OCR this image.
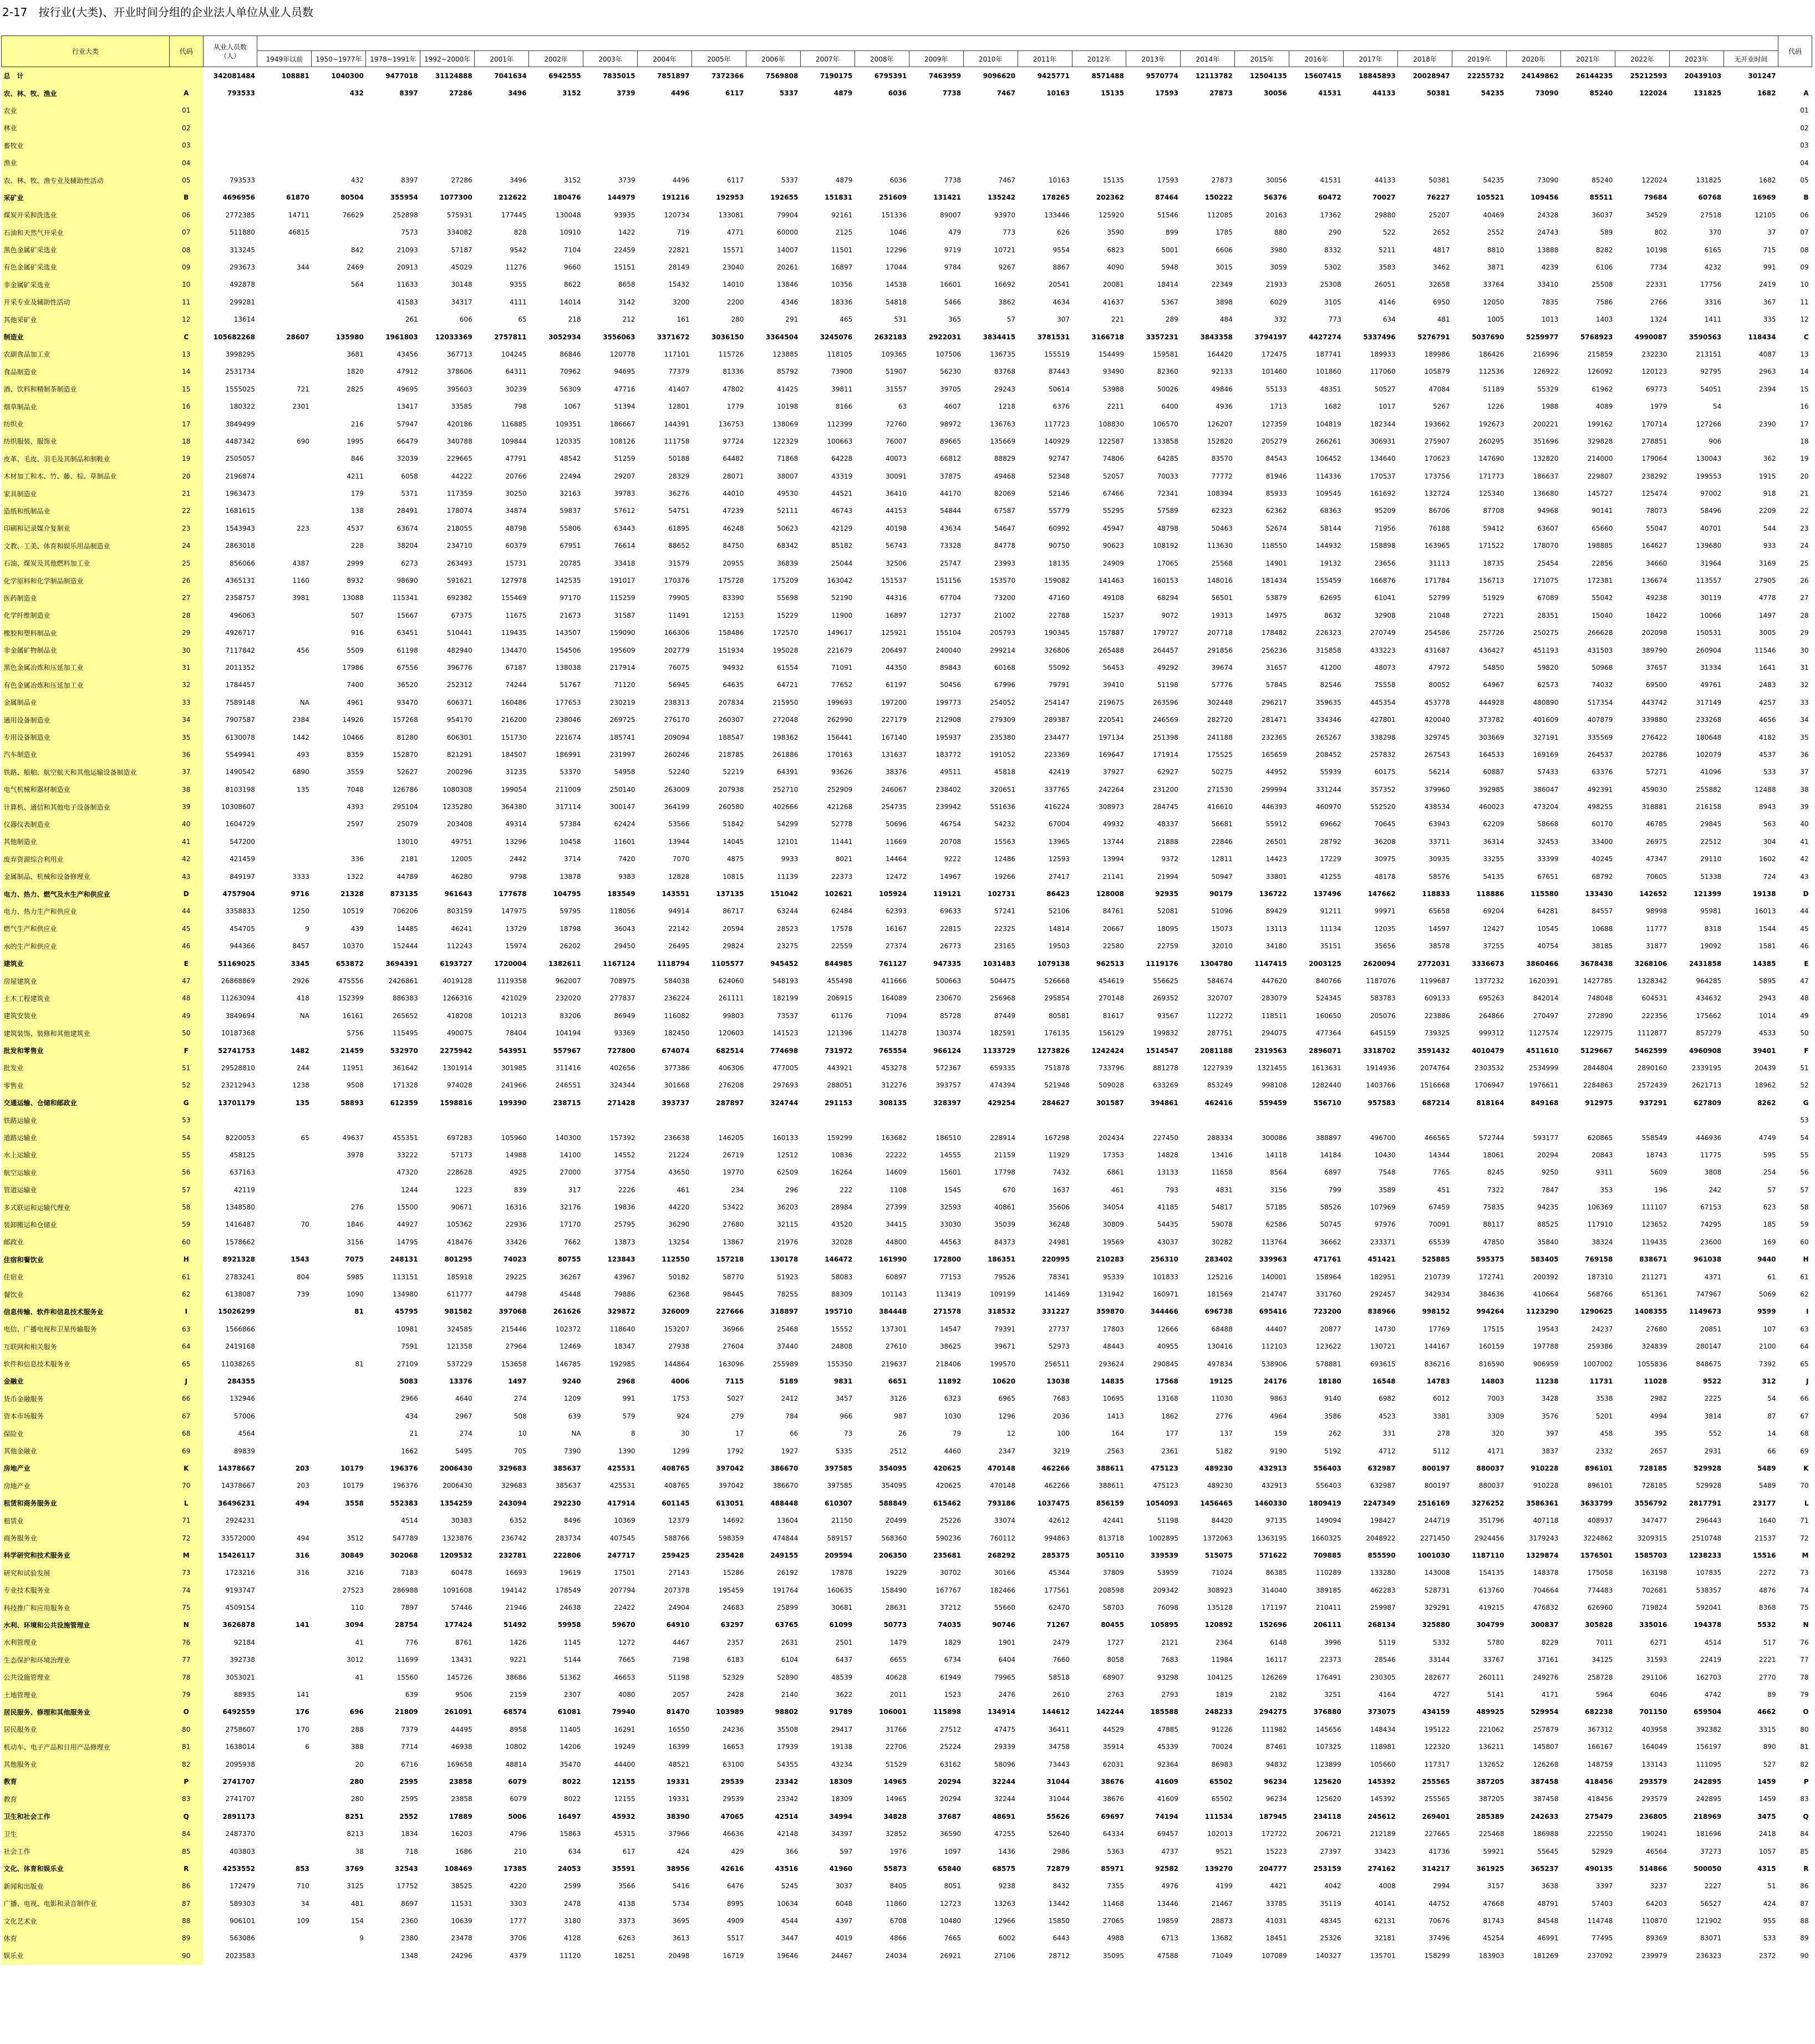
2-17　按行业(大类)、开业时间分组的企业法人单位从业人员数
行业大类	代码	从业人员数（人）																													代码
			1949年以前	1950~1977年	1978~1991年	1992~2000年	2001年	2002年	2003年	2004年	2005年	2006年	2007年	2008年	2009年	2010年	2011年	2012年	2013年	2014年	2015年	2016年	2017年	2018年	2019年	2020年	2021年	2022年	2023年	无开业时间	
总　计		342081484	108881	1040300	9477018	31124888	7041634	6942555	7835015	7851897	7372366	7569808	7190175	6795391	7463959	9096620	9425771	8571488	9570774	12113782	12504135	15607415	18845893	20028947	22255732	24149862	26144235	25212593	20439103	301247	
农、林、牧、渔业	A	793533		432	8397	27286	3496	3152	3739	4496	6117	5337	4879	6036	7738	7467	10163	15135	17593	27873	30056	41531	44133	50381	54235	73090	85240	122024	131825	1682	A
农业	01																														01
林业	02																														02
畜牧业	03																														03
渔业	04																														04
农、林、牧、渔专业及辅助性活动	05	793533		432	8397	27286	3496	3152	3739	4496	6117	5337	4879	6036	7738	7467	10163	15135	17593	27873	30056	41531	44133	50381	54235	73090	85240	122024	131825	1682	05
采矿业	B	4696956	61870	80504	355954	1077300	212622	180476	144979	191216	192953	192655	151831	251609	131421	135242	178265	202362	87464	150222	56376	60472	70027	76227	105521	109456	85511	79684	60768	16969	B
煤炭开采和洗选业	06	2772385	14711	76629	252898	575931	177445	130048	93935	120734	133081	79904	92161	151336	89007	93970	133446	125920	51546	112085	20163	17362	29880	25207	40469	24328	36037	34529	27518	12105	06
石油和天然气开采业	07	511880	46815		7573	334082	828	10910	1422	719	4771	60000	2125	1046	479	773	626	3590	899	1785	880	290	522	2652	2552	24743	589	802	370	37	07
黑色金属矿采选业	08	313245		842	21093	57187	9542	7104	22459	22821	15571	14007	11501	12296	9719	10721	9554	6823	5001	6606	3980	8332	5211	4817	8810	13888	8282	10198	6165	715	08
有色金属矿采选业	09	293673	344	2469	20913	45029	11276	9660	15151	28149	23040	20261	16897	17044	9784	9267	8867	4090	5948	3015	3059	5302	3583	3462	3871	4239	6106	7734	4232	991	09
非金属矿采选业	10	492878		564	11633	30148	9355	8622	8658	15432	14010	13846	10356	14538	16601	16692	20541	20081	18414	22349	21933	25308	26051	32658	33764	33410	25508	22331	17756	2419	10
开采专业及辅助性活动	11	299281			41583	34317	4111	14014	3142	3200	2200	4346	18336	54818	5466	3862	4634	41637	5367	3898	6029	3105	4146	6950	12050	7835	7586	2766	3316	367	11
其他采矿业	12	13614			261	606	65	218	212	161	280	291	465	531	365	57	307	221	289	484	332	773	634	481	1005	1013	1403	1324	1411	335	12
制造业	C	105682268	28607	135980	1961803	12033369	2757811	3052934	3556063	3371672	3036150	3364504	3245076	2632183	2922031	3834415	3781531	3166718	3357231	3843358	3794197	4427274	5337496	5276791	5037690	5259977	5768923	4990087	3590563	118434	C
农副食品加工业	13	3998295		3681	43456	367713	104245	86846	120778	117101	115726	123885	118105	109365	107506	136735	155519	154499	159581	164420	172475	187741	189933	189986	186426	216996	215859	232230	213151	4087	13
食品制造业	14	2531734		1820	47912	378606	64311	70962	94695	77379	81336	85792	73900	51907	56230	83768	87443	93490	82360	92133	101460	101860	117060	105879	112536	126922	126092	120123	92795	2963	14
酒、饮料和精制茶制造业	15	1555025	721	2825	49695	395603	30239	56309	47716	41407	47802	41425	39811	31557	39705	29243	50614	53988	50026	49846	55133	48351	50527	47084	51189	55329	61962	69773	54051	2394	15
烟草制品业	16	180322	2301		13417	33585	798	1067	51394	12801	1779	10198	8166	63	4607	1218	6376	2211	6400	4936	1713	1682	1017	5267	1226	1988	4089	1979	54		16
纺织业	17	3849499		216	57947	420186	116885	109351	186667	144391	136753	138069	112399	72760	98972	136763	117723	108830	106570	126207	127359	104819	182344	193662	192673	200221	199162	170714	127266	2390	17
纺织服装、服饰业	18	4487342	690	1995	66479	340788	109844	120335	108126	111758	97724	122329	100663	76007	89665	135669	140929	122587	133858	152820	205279	266261	306931	275907	260295	351696	329828	278851	906		18
皮革、毛皮、羽毛及其制品和制鞋业	19	2505057		846	32039	229665	47791	48542	51259	50188	64482	71868	64228	40073	66812	88829	92747	74806	64285	83570	84543	106452	134640	170623	147690	132820	214000	179064	130043	362	19
木材加工和木、竹、藤、棕、草制品业	20	2196874		4211	6058	44222	20766	22494	29207	28329	28071	38007	43319	30091	37875	49468	52348	52057	70033	77772	81946	114336	170537	173756	171773	186637	229807	238292	199553	1915	20
家具制造业	21	1963473		179	5371	117359	30250	32163	39783	36276	44010	49530	44521	36410	44170	82069	52146	67466	72341	108394	85933	109545	161692	132724	125340	136680	145727	125474	97002	918	21
造纸和纸制品业	22	1681615		138	28491	178074	34874	59837	57612	54751	47239	52111	46743	44153	54844	67587	55779	55295	57589	62323	62362	68363	95209	86706	87708	94968	90141	78073	58496	2209	22
印刷和记录媒介复制业	23	1543943	223	4537	63674	218055	48798	55806	63443	61895	46248	50623	42129	40198	43634	54647	60992	45947	48798	50463	52674	58144	71956	76188	59412	63607	65660	55047	40701	544	23
文教、工美、体育和娱乐用品制造业	24	2863018		228	38204	234710	60379	67951	76614	88652	84750	68342	85182	56743	73328	84778	90750	90623	108192	113630	118550	144932	158898	163965	171522	178070	198885	164627	139680	933	24
石油、煤炭及其他燃料加工业	25	856066	4387	2999	6273	263493	15731	20785	33418	31579	20955	36839	25044	32506	25747	23993	18135	24909	17065	25568	14901	19132	23656	31113	18735	25454	22856	34660	31964	3169	25
化学原料和化学制品制造业	26	4365131	1160	8932	98690	591621	127978	142535	191017	170376	175728	175209	163042	151537	151156	153570	159082	141463	160153	148016	181434	155459	166876	171784	156713	171075	172381	136674	113557	27905	26
医药制造业	27	2358757	3981	13088	115341	692382	155469	97170	115259	79905	83390	55698	52190	44316	67704	73200	47160	49108	68294	56501	53879	62695	61041	52799	51929	67089	55042	49238	30119	4778	27
化学纤维制造业	28	496063		507	15667	67375	11675	21673	31587	11491	12153	15229	11900	16897	12737	21002	22788	15237	9072	19313	14975	8632	32908	21048	27221	28351	15040	18422	10066	1497	28
橡胶和塑料制品业	29	4926717		916	63451	510441	119435	143507	159090	166306	158486	172570	149617	125921	155104	205793	190345	157887	179727	207718	178482	226323	270749	254586	257726	250275	266628	202098	150531	3005	29
非金属矿物制品业	30	7117842	456	5509	61198	482940	134470	154506	195609	202779	151934	195028	221679	206497	240040	299214	326806	265488	264457	291856	256236	315858	433223	431687	436427	451193	431503	389790	260904	11546	30
黑色金属冶炼和压延加工业	31	2011352		17986	67556	396776	67187	138038	217914	76075	94932	61554	71091	44350	89843	60168	55092	56453	49292	39674	31657	41200	48073	47972	54850	59820	50968	37657	31334	1641	31
有色金属冶炼和压延加工业	32	1784457		7400	36520	252312	74244	51767	71120	56945	64635	64721	77652	61197	50456	67996	79791	39410	51198	57776	57845	82546	75558	80052	64967	62573	74032	69500	49761	2483	32
金属制品业	33	7589148	NA	4961	93470	606371	160486	177653	230219	238313	207834	215950	199693	197200	199773	254052	254147	219675	263596	302448	296217	359635	445354	453778	444928	480890	517354	443742	317149	4257	33
通用设备制造业	34	7907587	2384	14926	157268	954170	216200	238046	269725	276170	260307	272048	262990	227179	212908	279309	289387	220541	246569	282720	281471	334346	427801	420040	373782	401609	407879	339880	233268	4656	34
专用设备制造业	35	6130078	1442	10466	81280	606301	151730	221674	185741	209094	188547	198362	156441	167140	195937	235380	234477	197134	251398	241188	232365	265267	338298	329745	303669	327191	335569	276422	180648	4182	35
汽车制造业	36	5549941	493	8359	152870	821291	184507	186991	231997	260246	218785	261886	170163	131637	183772	191052	223369	169647	171914	175525	165659	208452	257832	267543	164533	169169	264537	202786	102079	4537	36
铁路、船舶、航空航天和其他运输设备制造业	37	1490542	6890	3559	52627	200296	31235	53370	54958	52240	52219	64391	93626	38376	49511	45818	42419	37927	62927	50275	44952	55939	60175	56214	60887	57433	63376	57271	41096	533	37
电气机械和器材制造业	38	8103198	135	7048	126786	1080308	199054	211009	250140	263009	207938	252710	252909	246067	238402	320651	337765	242264	231200	271530	299994	331244	357352	379960	392985	386047	492391	459030	255882	12488	38
计算机、通信和其他电子设备制造业	39	10308607		4393	295104	1235280	364380	317114	300147	364199	260580	402666	421268	254735	239942	551636	416224	308973	284745	416610	446393	460970	552520	438534	460023	473204	498255	318881	216158	8943	39
仪器仪表制造业	40	1604729		2597	25079	203408	49314	57384	62424	53566	51842	54299	52778	50696	46754	54232	67004	49932	48337	56681	55912	69662	70645	63943	62209	58668	60170	46785	29845	563	40
其他制造业	41	547200			13010	49751	13296	10458	11601	13944	14045	12101	11441	11669	20708	15563	13965	13744	21888	22846	26501	28792	36208	33711	36314	32453	33400	26975	22512	304	41
废弃资源综合利用业	42	421459		336	2181	12005	2442	3714	7420	7070	4875	9933	8021	14464	9222	12486	12593	13994	9372	12811	14423	17229	30975	30935	33255	33399	40245	47347	29110	1602	42
金属制品、机械和设备修理业	43	849197	3333	1322	44789	46280	9798	13878	9383	12828	10815	11139	22373	12472	14967	19266	27417	21141	21994	50947	33801	41255	48178	58576	54135	67651	68792	70605	51338	724	43
电力、热力、燃气及水生产和供应业	D	4757904	9716	21328	873135	961643	177678	104795	183549	143551	137135	151042	102621	105924	119121	102731	86423	128008	92935	90179	136722	137496	147662	118833	118886	115580	133430	142652	121399	19138	D
电力、热力生产和供应业	44	3358833	1250	10519	706206	803159	147975	59795	118056	94914	86717	63244	62484	62393	69633	57241	52106	84761	52081	51096	89429	91211	99971	65658	69204	64281	84557	98998	95981	16013	44
燃气生产和供应业	45	454705	9	439	14485	46241	13729	18798	36043	22142	20594	28523	17578	16167	22815	22325	14814	20667	18095	15073	13113	11134	12035	14597	12427	10545	10688	11777	8318	1544	45
水的生产和供应业	46	944366	8457	10370	152444	112243	15974	26202	29450	26495	29824	23275	22559	27374	26773	23165	19503	22580	22759	32010	34180	35151	35656	38578	37255	40754	38185	31877	19092	1581	46
建筑业	E	51169025	3345	653872	3694391	6193727	1720004	1382611	1167124	1118794	1105577	945452	844985	761127	947335	1031483	1079138	962513	1119176	1304780	1147415	2003125	2620094	2772031	3336673	3860466	3678438	3268106	2431858	14385	E
房屋建筑业	47	26868869	2926	475556	2426861	4019128	1119358	962007	708975	584038	624060	548193	455498	411666	500663	504475	526668	454619	556625	584674	447620	840766	1187076	1199687	1377232	1620391	1427785	1328342	964285	5895	47
土木工程建筑业	48	11263094	418	152399	886383	1266316	421029	232020	277837	236224	261111	182199	206915	164089	230670	256968	295854	270148	269352	320707	283079	524345	583783	609133	695263	842014	748048	604531	434632	2943	48
建筑安装业	49	3849694	NA	16161	265652	418208	101213	83206	86949	116082	99803	73537	61176	71094	85728	87449	80581	81617	93567	112272	118511	160650	205076	223886	264866	270497	272890	222356	175662	1014	49
建筑装饰、装修和其他建筑业	50	10187368		5756	115495	490075	78404	104194	93369	182450	120603	141523	121396	114278	130374	182591	176135	156129	199832	287751	294075	477364	645159	739325	999312	1127574	1229775	1112877	857279	4533	50
批发和零售业	F	52741753	1482	21459	532970	2275942	543951	557967	727800	674074	682514	774698	731972	765554	966124	1133729	1273826	1242424	1514547	2081188	2319563	2896071	3318702	3591432	4010479	4511610	5129667	5462599	4960908	39401	F
批发业	51	29528810	244	11951	361642	1301914	301985	311416	402656	377386	406306	477005	443921	453278	572367	659335	751878	733796	881278	1227939	1321455	1613631	1914936	2074764	2303532	2534999	2844804	2890160	2339195	20439	51
零售业	52	23212943	1238	9508	171328	974028	241966	246551	324344	301668	276208	297693	288051	312276	393757	474394	521948	509028	633269	853249	998108	1282440	1403766	1516668	1706947	1976611	2284863	2572439	2621713	18962	52
交通运输、仓储和邮政业	G	13701179	135	58893	612359	1598816	199390	238715	271428	393737	287897	324744	291153	308135	328397	429254	284627	301587	394861	462416	559459	556710	957583	687214	818164	849168	912975	937291	627809	8262	G
铁路运输业	53																														53
道路运输业	54	8220053	65	49637	455351	697283	105960	140300	157392	236638	146205	160133	159299	163682	186510	228914	167298	202434	227450	288334	300086	388897	496700	466565	572744	593177	620865	558549	446936	4749	54
水上运输业	55	458125		3978	33222	57173	14988	14100	14552	21224	26719	12512	10836	22222	14555	21159	11929	17353	14828	13416	14118	14184	10430	14344	18061	20294	20843	18743	11775	595	55
航空运输业	56	637163			47320	228628	4925	27000	37754	43650	19770	62509	16264	14609	15601	17798	7432	6861	13133	11658	8564	6897	7548	7765	8245	9250	9311	5609	3808	254	56
管道运输业	57	42119			1244	1223	839	317	2226	461	234	296	222	1108	1545	670	1637	461	793	4831	3156	799	3589	451	7322	7847	353	196	242	57	57
多式联运和运输代理业	58	1348580		276	15500	90671	16316	32176	19836	44220	53422	36203	28984	27399	32593	40861	35606	34054	41185	54817	57185	58526	107969	67459	75835	94235	106369	111107	67153	623	58
装卸搬运和仓储业	59	1416487	70	1846	44927	105362	22936	17170	25795	36290	27680	32115	43520	34415	33030	35039	36248	30809	54435	59078	62586	50745	97976	70091	88117	88525	117910	123652	74295	185	59
邮政业	60	1578662		3156	14795	418476	33426	7662	13873	13254	13867	21976	32028	44800	44563	84373	24981	19569	43037	30282	113764	36662	233371	65539	47850	35840	38324	119435	23600	169	60
住宿和餐饮业	H	8921328	1543	7075	248131	801295	74023	80755	123843	112550	157218	130178	146472	161990	172800	186351	220995	210283	256310	283402	339963	471761	451421	525885	595375	583405	769158	838671	961038	9440	H
住宿业	61	2783241	804	5985	113151	185918	29225	36267	43967	50182	58770	51923	58083	60897	77153	79526	78341	95339	101833	125216	140001	158964	182951	210739	172741	200392	187310	211271	4371	61	61
餐饮业	62	6138087	739	1090	134980	611777	44798	45448	79886	62368	98445	78255	88309	101143	113419	109199	141469	131942	160971	181569	214747	331760	292457	342934	384636	410664	568766	651361	747967	5069	62
信息传输、软件和信息技术服务业	I	15026299		81	45795	981582	397068	261626	329872	326009	227666	318897	195710	384448	271578	318532	331227	359870	344466	696738	695416	723200	838966	998152	994264	1123290	1290625	1408355	1149673	9599	I
电信、广播电视和卫星传输服务	63	1566866			10981	324585	215446	102372	118640	153207	36966	25468	15552	137301	14547	79391	27737	17803	12666	68488	44407	20877	14730	17769	17515	19543	24237	27680	20851	107	63
互联网和相关服务	64	2419168			7591	121358	27964	12469	18347	27938	27604	37440	24808	27610	38625	39671	52973	48443	40955	130416	112103	123622	130721	144167	160159	197788	259386	324839	280147	2100	64
软件和信息技术服务业	65	11038265		81	27109	537229	153658	146785	192985	144864	163096	255989	155350	219637	218406	199570	256511	293624	290845	497834	538906	578881	693615	836216	816590	906959	1007002	1055836	848675	7392	65
金融业	J	284355			5083	13376	1497	9240	2968	4006	7115	5189	9831	6651	11892	10620	13038	14835	17568	19125	24176	18180	16548	14783	14803	11238	11731	11028	9522	312	J
货币金融服务	66	132946			2966	4640	274	1209	991	1753	5027	2412	3457	3126	6323	6965	7683	10695	13168	11030	9863	9140	6982	6012	7003	3428	3538	2982	2225	54	66
资本市场服务	67	57006			434	2967	508	639	579	924	279	784	966	987	1030	1296	2036	1413	1862	2776	4964	3586	4523	3381	3309	3576	5201	4994	3814	87	67
保险业	68	4564			21	274	10	NA	8	30	17	66	73	26	79	12	100	164	177	137	159	262	331	278	320	397	458	395	552	14	68
其他金融业	69	89839			1662	5495	705	7390	1390	1299	1792	1927	5335	2512	4460	2347	3219	2563	2361	5182	9190	5192	4712	5112	4171	3837	2332	2657	2931	66	69
房地产业	K	14378667	203	10179	196376	2006430	329683	385637	425531	408765	397042	386670	397585	354095	420625	470148	462266	388611	475123	489230	432913	556403	632987	800197	880037	910228	896101	728185	529928	5489	K
房地产业	70	14378667	203	10179	196376	2006430	329683	385637	425531	408765	397042	386670	397585	354095	420625	470148	462266	388611	475123	489230	432913	556403	632987	800197	880037	910228	896101	728185	529928	5489	70
租赁和商务服务业	L	36496231	494	3558	552383	1354259	243094	292230	417914	601145	613051	488448	610307	588849	615462	793186	1037475	856159	1054093	1456465	1460330	1809419	2247349	2516169	3276252	3586361	3633799	3556792	2817791	23177	L
租赁业	71	2924231			4514	30383	6352	8496	10369	12379	14692	13604	21150	20499	25226	33074	42612	42441	51198	84420	97135	149094	198427	244719	351796	407118	408937	347477	296443	1640	71
商务服务业	72	33572000	494	3512	547789	1323876	236742	283734	407545	588766	598359	474844	589157	568360	590236	760112	994863	813718	1002895	1372063	1363195	1660325	2048922	2271450	2924456	3179243	3224862	3209315	2510748	21537	72
科学研究和技术服务业	M	15426117	316	30849	302068	1209532	232781	222806	247717	259425	235428	249155	209594	206350	235681	268292	285375	305110	339539	515075	571622	709885	855590	1001030	1187110	1329874	1576501	1585703	1238233	15516	M
研究和试验发展	73	1723216	316	3216	7183	60478	16693	19619	17501	27143	15286	26192	17878	19229	30702	30166	45344	37809	53959	71024	86385	110289	133280	143008	154135	148378	175058	163198	107835	2272	73
专业技术服务业	74	9193747		27523	286988	1091608	194142	178549	207794	207378	195459	191764	160635	158490	167767	182466	177561	208598	209342	308923	314040	389185	462283	528731	613760	704664	774483	702681	538357	4876	74
科技推广和应用服务业	75	4509154		110	7897	57446	21946	24638	22422	24904	24683	25899	30681	28631	37212	55660	62470	58703	76098	135128	171197	210411	259987	329291	419215	476832	626960	719824	592041	8368	75
水利、环境和公共设施管理业	N	3626878	141	3094	28754	177424	51492	59958	59670	64910	63297	63765	61099	50773	74035	90746	71267	80455	105895	120892	152696	206111	268134	325880	304799	300837	305828	335016	194378	5532	N
水利管理业	76	92184		41	776	8761	1426	1145	1272	4467	2357	2631	2501	1479	1829	1901	2479	1727	2121	2364	6148	3996	5119	5332	5780	8229	7011	6271	4514	517	76
生态保护和环境治理业	77	392738		3012	11699	13431	9221	5144	7665	7198	6183	6104	6437	6655	6734	6404	7660	8058	7683	11984	16117	22373	28546	33144	33767	37161	34125	31593	22419	2221	77
公共设施管理业	78	3053021		41	15560	145726	38686	51362	46653	51198	52329	52890	48539	40628	61949	79965	58518	68907	93298	104125	126269	176491	230305	282677	260111	249276	258728	291106	162703	2770	78
土地管理业	79	88935	141		639	9506	2159	2307	4080	2057	2428	2140	3622	2011	1523	2476	2610	2763	2793	1819	2182	3251	4164	4727	5141	4171	5964	6046	4742	89	79
居民服务、修理和其他服务业	O	6492559	176	696	21809	261091	68574	61081	79940	81470	103989	98802	91789	106001	115898	134914	144612	142244	185588	248233	294275	376880	373075	434159	489925	529954	682238	701150	659504	4662	O
居民服务业	80	2758607	170	288	7379	44495	8958	11405	16291	16550	24236	35508	29417	31766	27512	47475	36411	44529	47885	91226	111982	145656	148434	195122	221062	257879	367312	403958	392382	3315	80
机动车、电子产品和日用产品修理业	81	1638014	6	388	7714	46938	10802	14206	19249	16399	16653	17939	19138	22706	25224	29339	34758	35914	45339	70024	87461	107325	118981	122320	136211	145807	166167	164049	156197	890	81
其他服务业	82	2095938		20	6716	169658	48814	35470	44400	48521	63100	54355	43234	51529	63162	58096	73443	62031	92364	86983	94832	123899	105660	117317	132652	126268	148759	133143	111095	527	82
教育	P	2741707		280	2595	23858	6079	8022	12155	19331	29539	23342	18309	14965	20294	32244	31044	38676	41609	65502	96234	125620	145392	255565	387205	387458	418456	293579	242895	1459	P
教育	83	2741707		280	2595	23858	6079	8022	12155	19331	29539	23342	18309	14965	20294	32244	31044	38676	41609	65502	96234	125620	145392	255565	387205	387458	418456	293579	242895	1459	83
卫生和社会工作	Q	2891173		8251	2552	17889	5006	16497	45932	38390	47065	42514	34994	34828	37687	48691	55626	69697	74194	111534	187945	234118	245612	269401	285389	242633	275479	236805	218969	3475	Q
卫生	84	2487370		8213	1834	16203	4796	15863	45315	37966	46636	42148	34397	32852	36590	47255	52640	64334	69457	102013	172722	206721	212189	227665	225468	186988	222550	190241	181696	2418	84
社会工作	85	403803		38	718	1686	210	634	617	424	429	366	597	1976	1097	1436	2986	5363	4737	9521	15223	27397	33423	41736	59921	55645	52929	46564	37273	1057	85
文化、体育和娱乐业	R	4253552	853	3769	32543	108469	17385	24053	35591	38956	42616	43516	41960	55873	65840	68575	72879	85971	92582	139270	204777	253159	274162	314217	361925	365237	490135	514866	500050	4315	R
新闻和出版业	86	172479	710	3125	17752	38525	4220	2599	3566	5416	6476	5245	3037	8405	8051	9238	8432	7355	4976	4199	4421	4042	4008	2994	3157	3638	3397	3237	2227	51	86
广播、电视、电影和录音制作业	87	589303	34	481	8697	11531	3303	2478	4138	5734	8995	10634	6048	11860	12723	13263	13442	11468	13446	21467	33785	35119	40141	44752	47668	48791	57403	64203	56527	424	87
文化艺术业	88	906101	109	154	2360	10639	1777	3180	3373	3695	4909	4544	4397	6708	10480	12966	15850	27065	19859	28873	41031	48345	62131	70676	81743	84548	114748	110870	121902	955	88
体育	89	563086		9	2380	23478	3706	4128	6263	3613	5517	3447	4019	4866	7665	6002	6443	4988	6713	13682	18451	25326	32181	37496	45254	46991	77495	89369	83071	533	89
娱乐业	90	2023583			1348	24296	4379	11120	18251	20498	16719	19646	24467	24034	26921	27106	28712	35095	47588	71049	107089	140327	135701	158299	183903	181269	237092	239979	236323	2372	90
